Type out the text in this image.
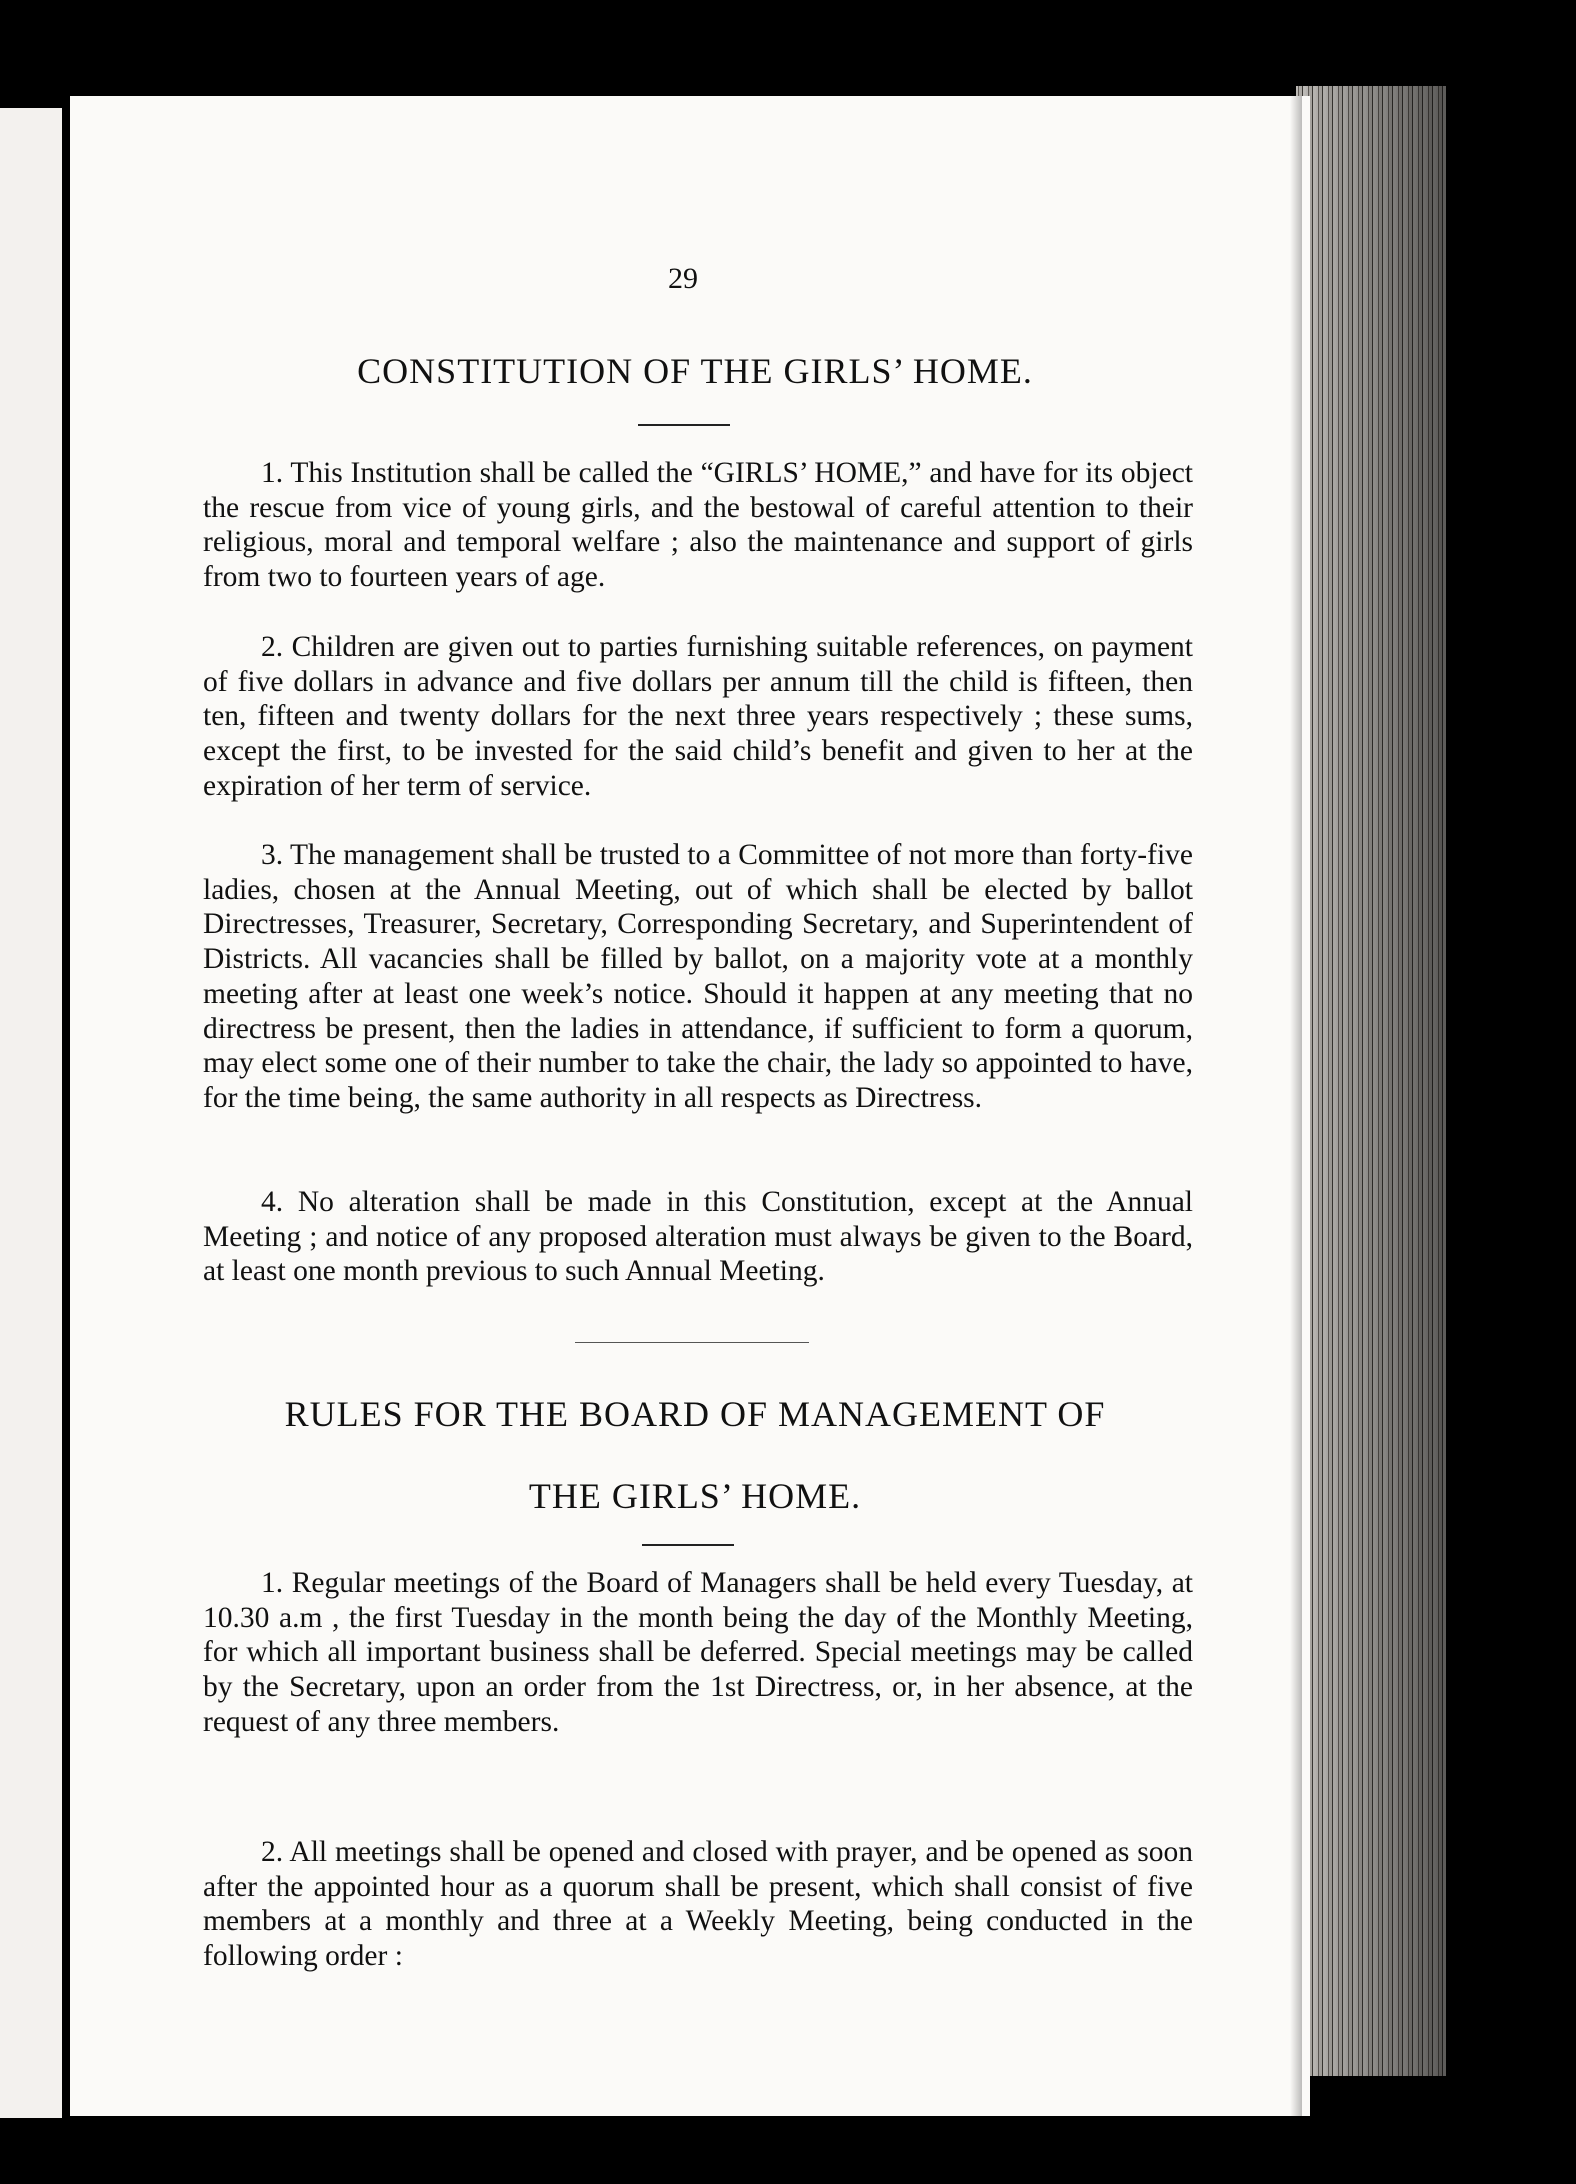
29
CONSTITUTION OF THE GIRLS’ HOME.

1. This Institution shall be called the “GIRLS’ HOME,” and have for its object the rescue from vice of young girls, and the bestowal of careful attention to their religious, moral and temporal welfare ; also the maintenance and support of girls from two to fourteen years of age.

2. Children are given out to parties furnishing suitable references, on payment of five dollars in advance and five dollars per annum till the child is fifteen, then ten, fifteen and twenty dollars for the next three years respectively ; these sums, except the first, to be invested for the said child’s benefit and given to her at the expiration of her term of service.

3. The management shall be trusted to a Committee of not more than forty-five ladies, chosen at the Annual Meeting, out of which shall be elected by ballot Directresses, Treasurer, Secretary, Corresponding Secretary, and Superintendent of Districts. All vacancies shall be filled by ballot, on a majority vote at a monthly meeting after at least one week’s notice. Should it happen at any meeting that no directress be present, then the ladies in attendance, if sufficient to form a quorum, may elect some one of their number to take the chair, the lady so appointed to have, for the time being, the same authority in all respects as Directress.

4. No alteration shall be made in this Constitution, except at the Annual Meeting ; and notice of any proposed alteration must always be given to the Board, at least one month previous to such Annual Meeting.

RULES FOR THE BOARD OF MANAGEMENT OF
THE GIRLS’ HOME.

1. Regular meetings of the Board of Managers shall be held every Tuesday, at 10.30 a.m , the first Tuesday in the month being the day of the Monthly Meeting, for which all important business shall be deferred. Special meetings may be called by the Secretary, upon an order from the 1st Directress, or, in her absence, at the request of any three members.

2. All meetings shall be opened and closed with prayer, and be opened as soon after the appointed hour as a quorum shall be present, which shall consist of five members at a monthly and three at a Weekly Meeting, being conducted in the following order :
